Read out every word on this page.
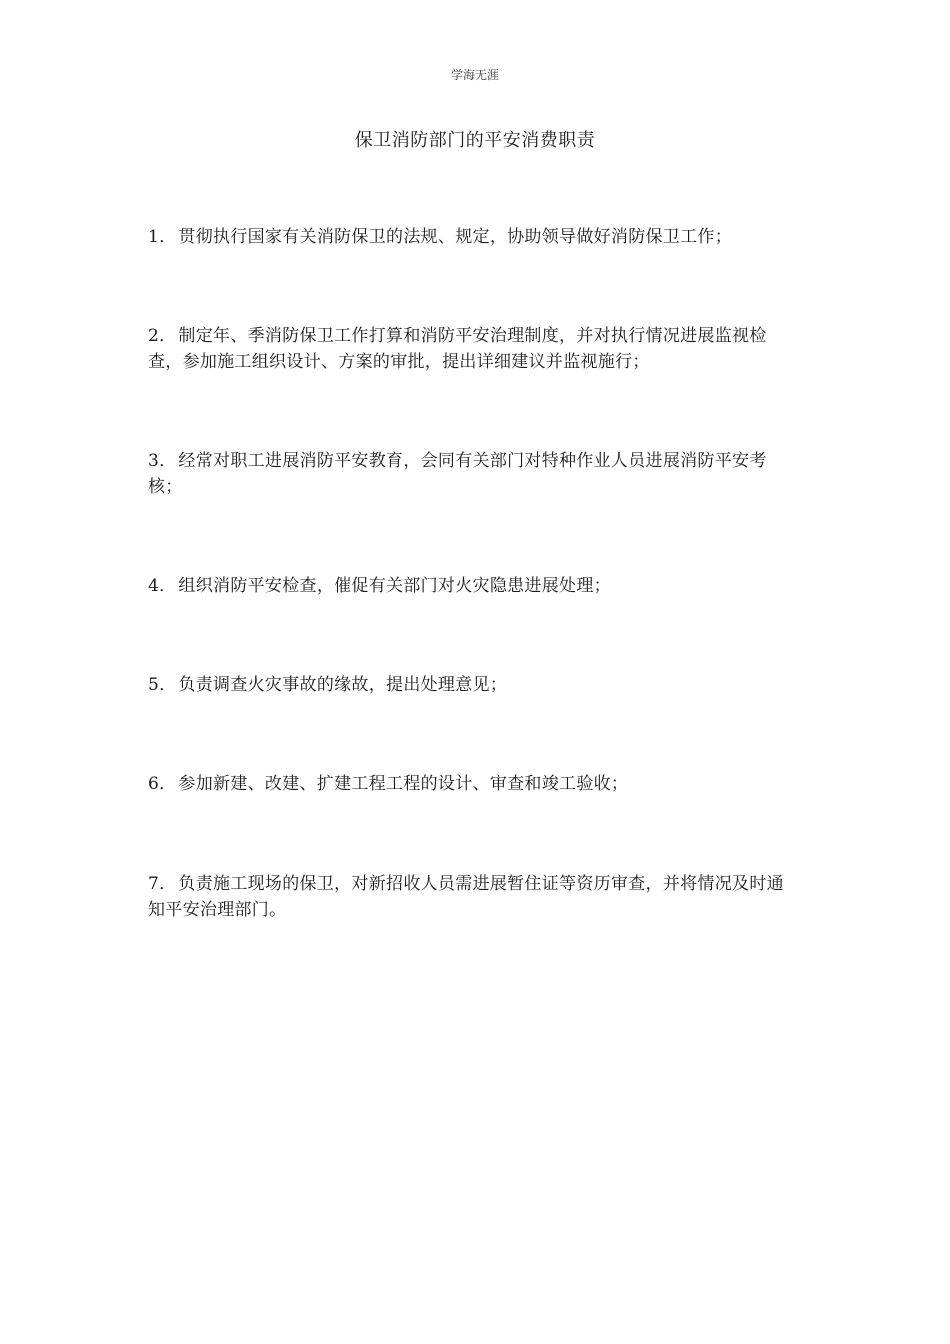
学海无涯
保卫消防部门的平安消费职责
1． 贯彻执行国家有关消防保卫的法规、规定，协助领导做好消防保卫工作；
2． 制定年、季消防保卫工作打算和消防平安治理制度，并对执行情况进展监视检查，参加施工组织设计、方案的审批，提出详细建议并监视施行；
3． 经常对职工进展消防平安教育，会同有关部门对特种作业人员进展消防平安考核；
4． 组织消防平安检查，催促有关部门对火灾隐患进展处理；
5． 负责调查火灾事故的缘故，提出处理意见；
6． 参加新建、改建、扩建工程工程的设计、审查和竣工验收；
7． 负责施工现场的保卫，对新招收人员需进展暂住证等资历审查，并将情况及时通知平安治理部门。
